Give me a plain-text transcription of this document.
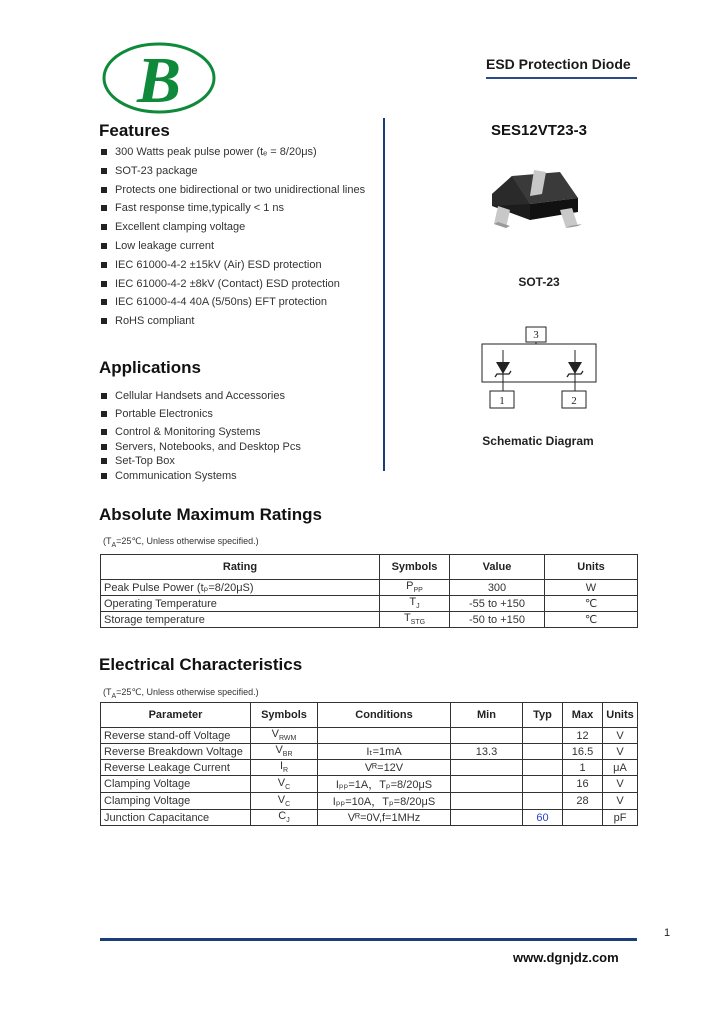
B	ESD Protection Diode
Features
300 Watts peak pulse power (tₑ = 8/20μs)
SOT-23 package
Protects one bidirectional or two unidirectional lines
Fast response time,typically < 1 ns
Excellent clamping voltage
Low leakage current
IEC 61000-4-2 ±15kV (Air) ESD protection
IEC 61000-4-2 ±8kV (Contact) ESD protection
IEC 61000-4-4 40A (5/50ns) EFT protection
RoHS compliant
Applications
Cellular Handsets and Accessories
Portable Electronics
Control & Monitoring Systems
Servers, Notebooks, and Desktop Pcs
Set-Top Box
Communication Systems
SES12VT23-3
SOT-23
3
1	2
Schematic Diagram
Absolute Maximum Ratings
($T_A=25℃$, Unless otherwise specified.)
Rating	Symbols	Value	Units
Peak Pulse Power (tₚ=8/20μS)	$P_{PP}$	300	W
Operating Temperature	$T_J$	-55 to +150	℃
Storage temperature	$T_{STG}$	-50 to +150	℃
Electrical Characteristics
($T_A=25℃$, Unless otherwise specified.)
Parameter	Symbols	Conditions	Min	Typ	Max	Units
Reverse stand-off Voltage	$V_{RWM}$				12	V
Reverse Breakdown Voltage	$V_{BR}$	Iₜ=1mA	13.3		16.5	V
Reverse Leakage Current	$I_R$	Vᴿ=12V			1	μA
Clamping Voltage	$V_C$	Iₚₚ=1A，Tₚ=8/20μS			16	V
Clamping Voltage	$V_C$	Iₚₚ=10A，Tₚ=8/20μS			28	V
Junction Capacitance	$C_J$	Vᴿ=0V,f=1MHz		60		pF
1
www.dgnjdz.com
